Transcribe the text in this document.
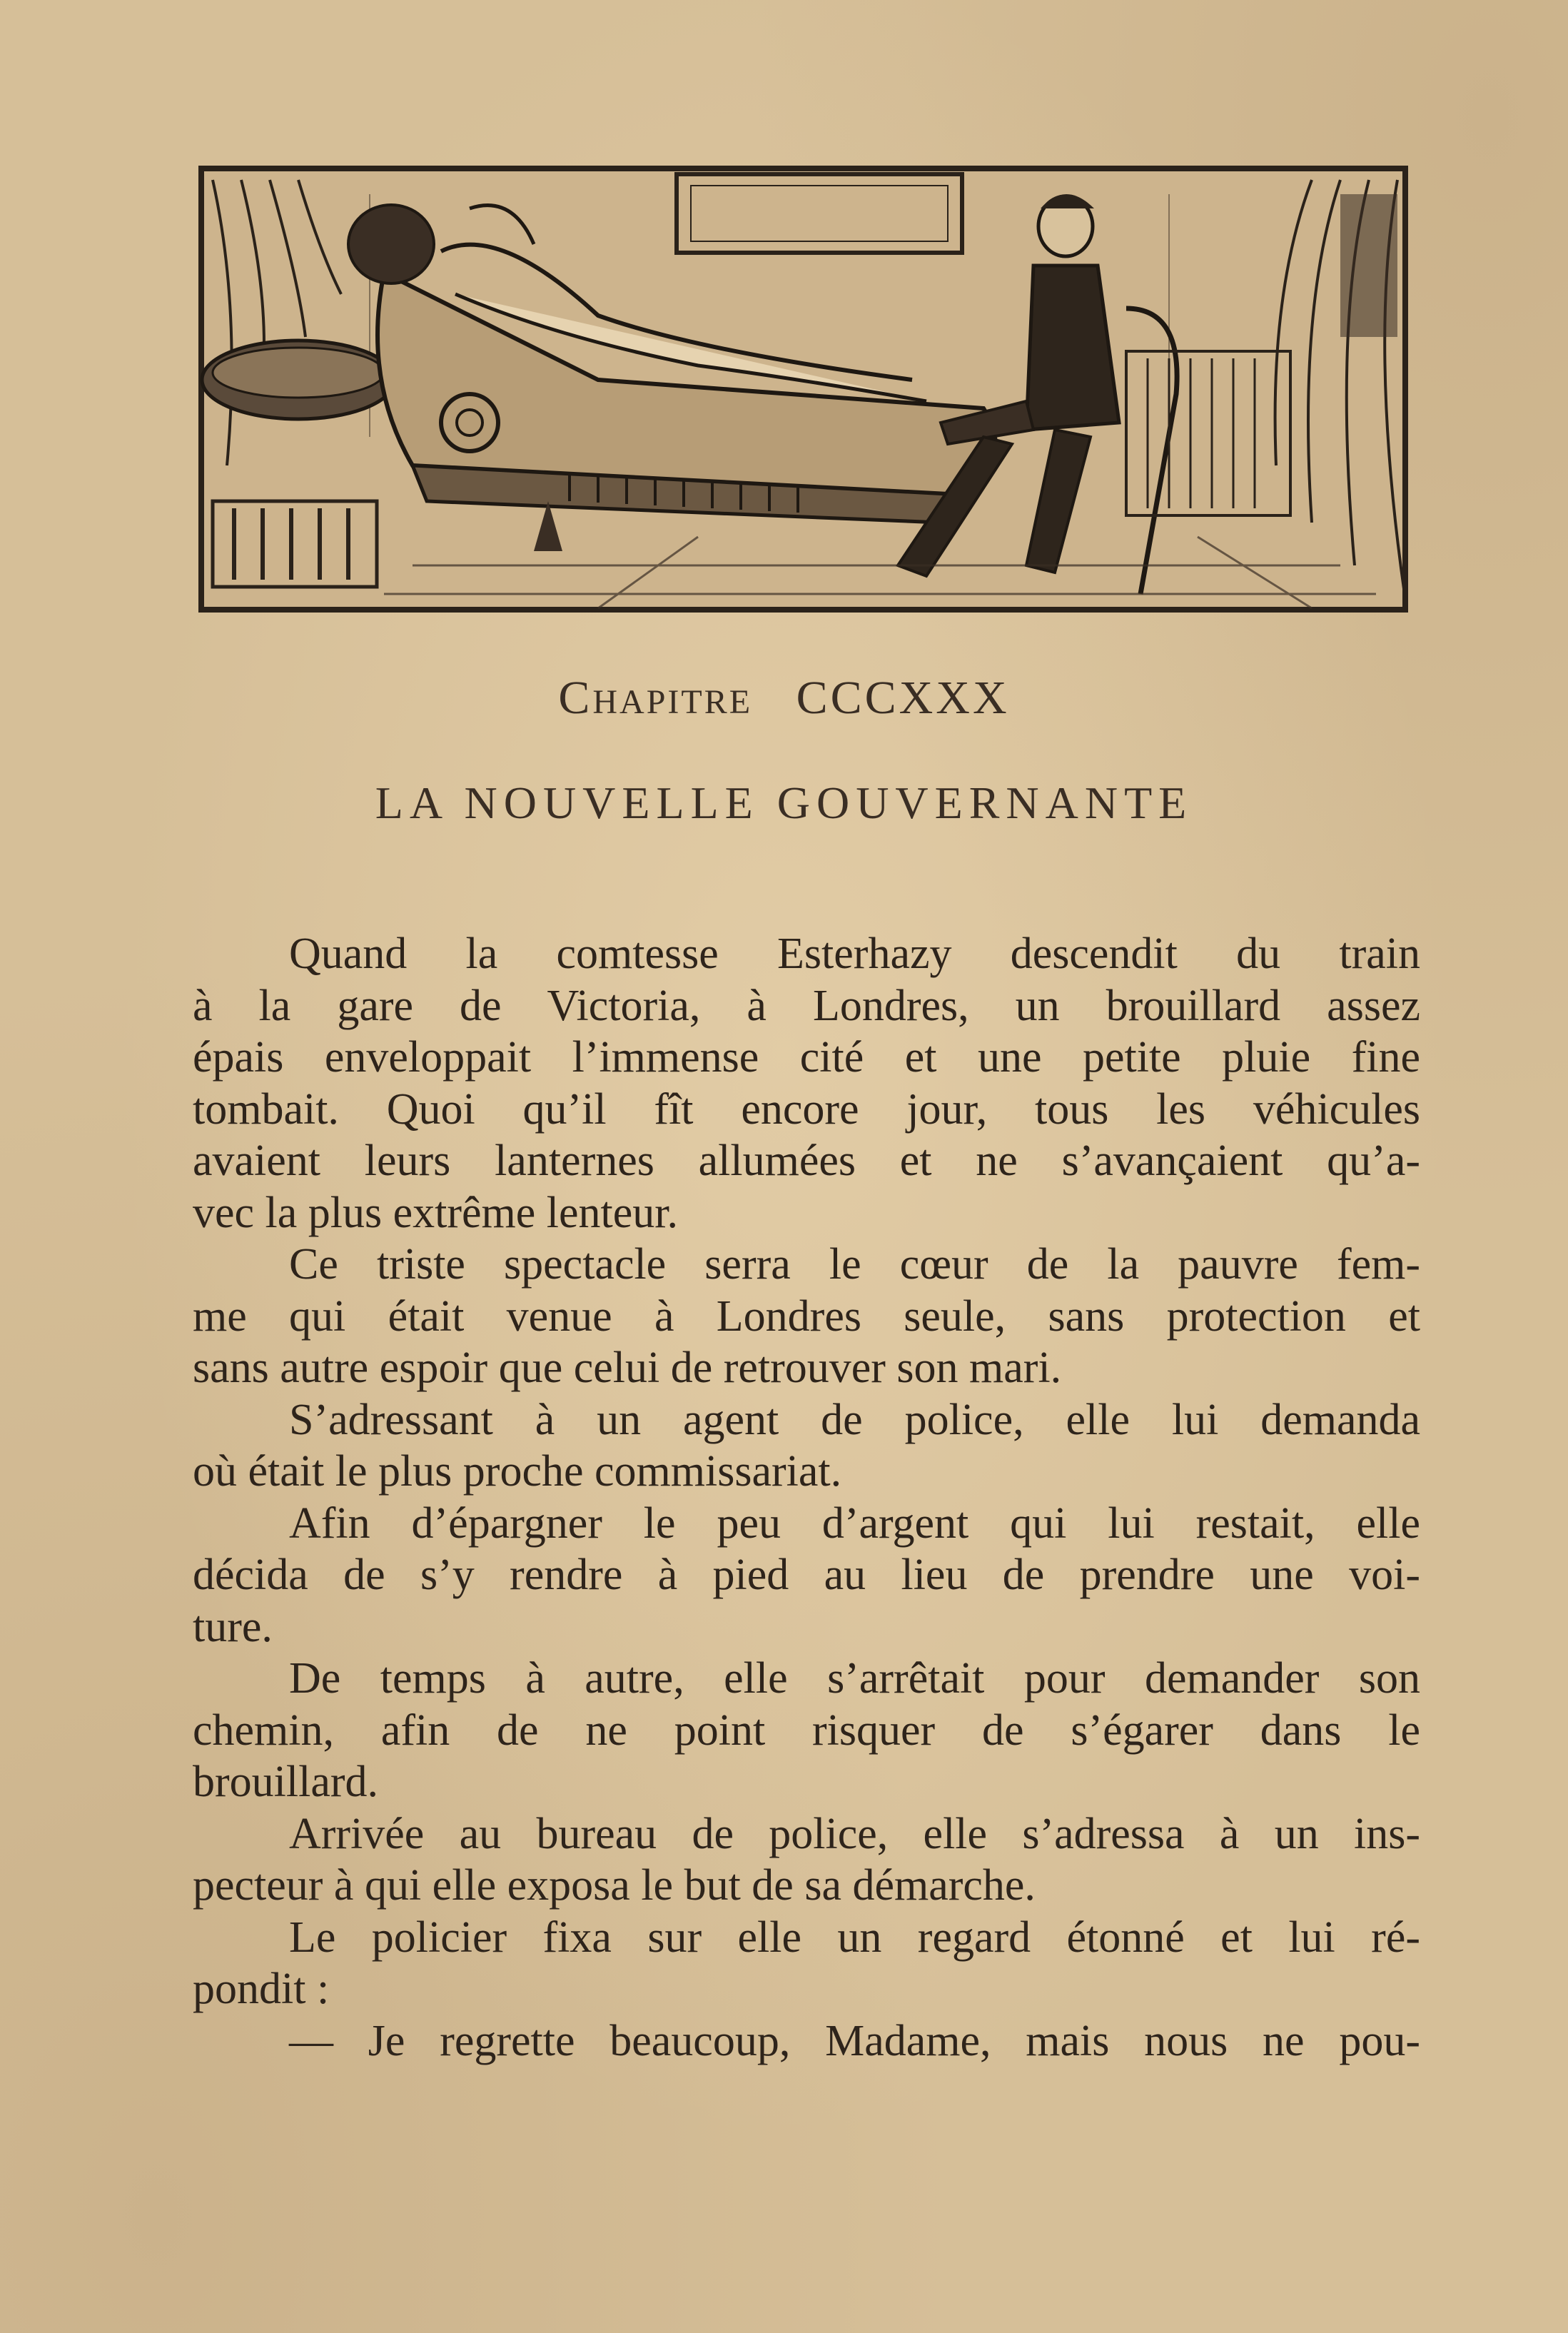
CHAPITRE CCCXXX
LA NOUVELLE GOUVERNANTE
Quand la comtesse Esterhazy descendit du train
à la gare de Victoria, à Londres, un brouillard assez
épais enveloppait l’immense cité et une petite pluie fine
tombait. Quoi qu’il fît encore jour, tous les véhicules
avaient leurs lanternes allumées et ne s’avançaient qu’a-
vec la plus extrême lenteur.
Ce triste spectacle serra le cœur de la pauvre fem-
me qui était venue à Londres seule, sans protection et
sans autre espoir que celui de retrouver son mari.
S’adressant à un agent de police, elle lui demanda
où était le plus proche commissariat.
Afin d’épargner le peu d’argent qui lui restait, elle
décida de s’y rendre à pied au lieu de prendre une voi-
ture.
De temps à autre, elle s’arrêtait pour demander son
chemin, afin de ne point risquer de s’égarer dans le
brouillard.
Arrivée au bureau de police, elle s’adressa à un ins-
pecteur à qui elle exposa le but de sa démarche.
Le policier fixa sur elle un regard étonné et lui ré-
pondit :
— Je regrette beaucoup, Madame, mais nous ne pou-
